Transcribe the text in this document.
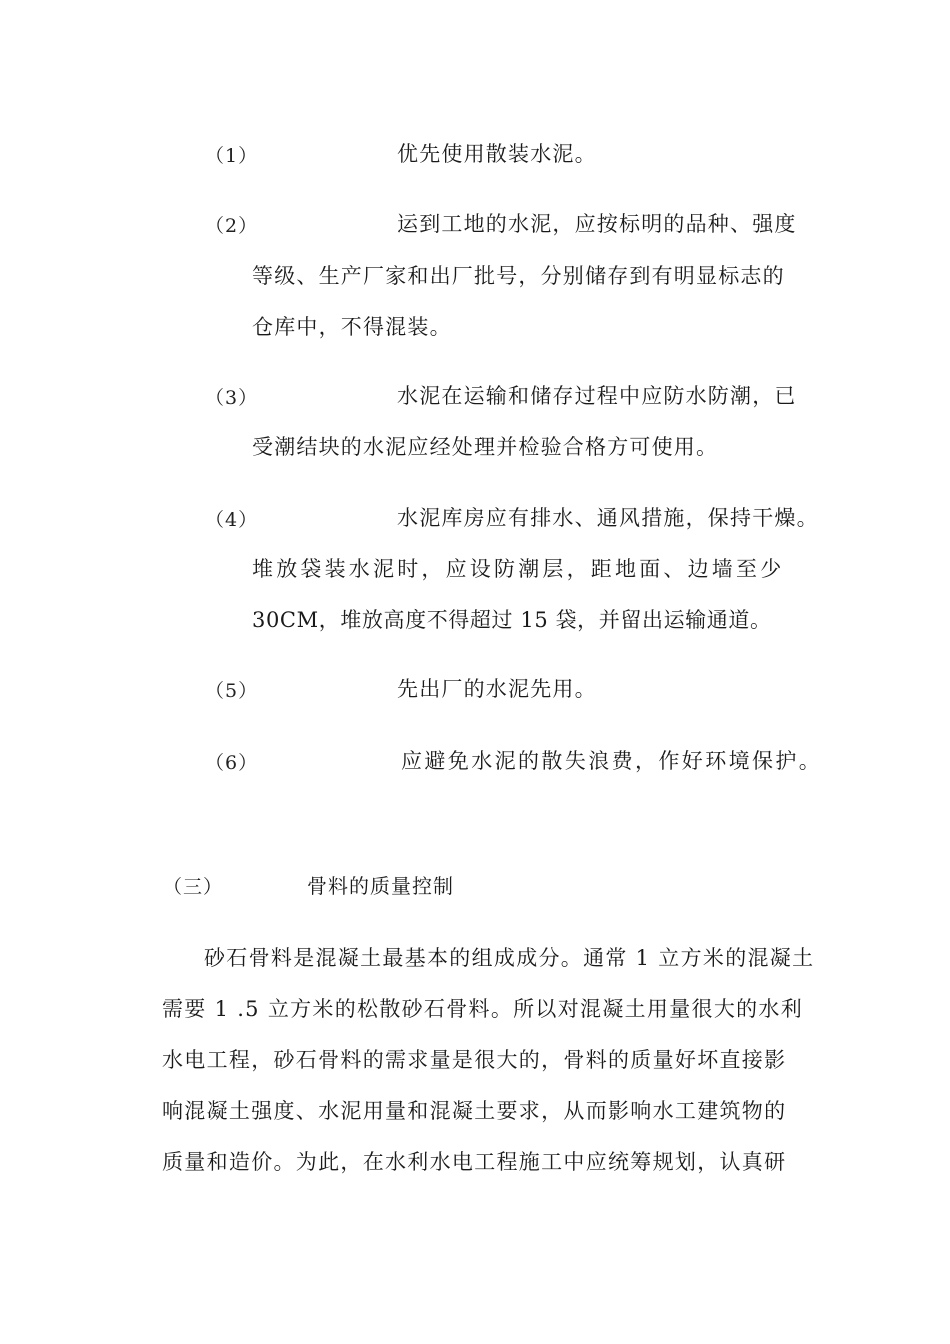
（1）	优先使用散装水泥。
（2）	运到工地的水泥，应按标明的品种、强度
等级、生产厂家和出厂批号，分别储存到有明显标志的
仓库中，不得混装。
（3）	水泥在运输和储存过程中应防水防潮，已
受潮结块的水泥应经处理并检验合格方可使用。
（4）	水泥库房应有排水、通风措施，保持干燥。
堆放袋装水泥时，应设防潮层，距地面、边墙至少
30CM，堆放高度不得超过 15 袋，并留出运输通道。
（5）	先出厂的水泥先用。
（6）	应避免水泥的散失浪费，作好环境保护。
（三）	骨料的质量控制
砂石骨料是混凝土最基本的组成成分。通常 1 立方米的混凝土
需要 1 .5 立方米的松散砂石骨料。所以对混凝土用量很大的水利
水电工程，砂石骨料的需求量是很大的，骨料的质量好坏直接影
响混凝土强度、水泥用量和混凝土要求，从而影响水工建筑物的
质量和造价。为此，在水利水电工程施工中应统筹规划，认真研
